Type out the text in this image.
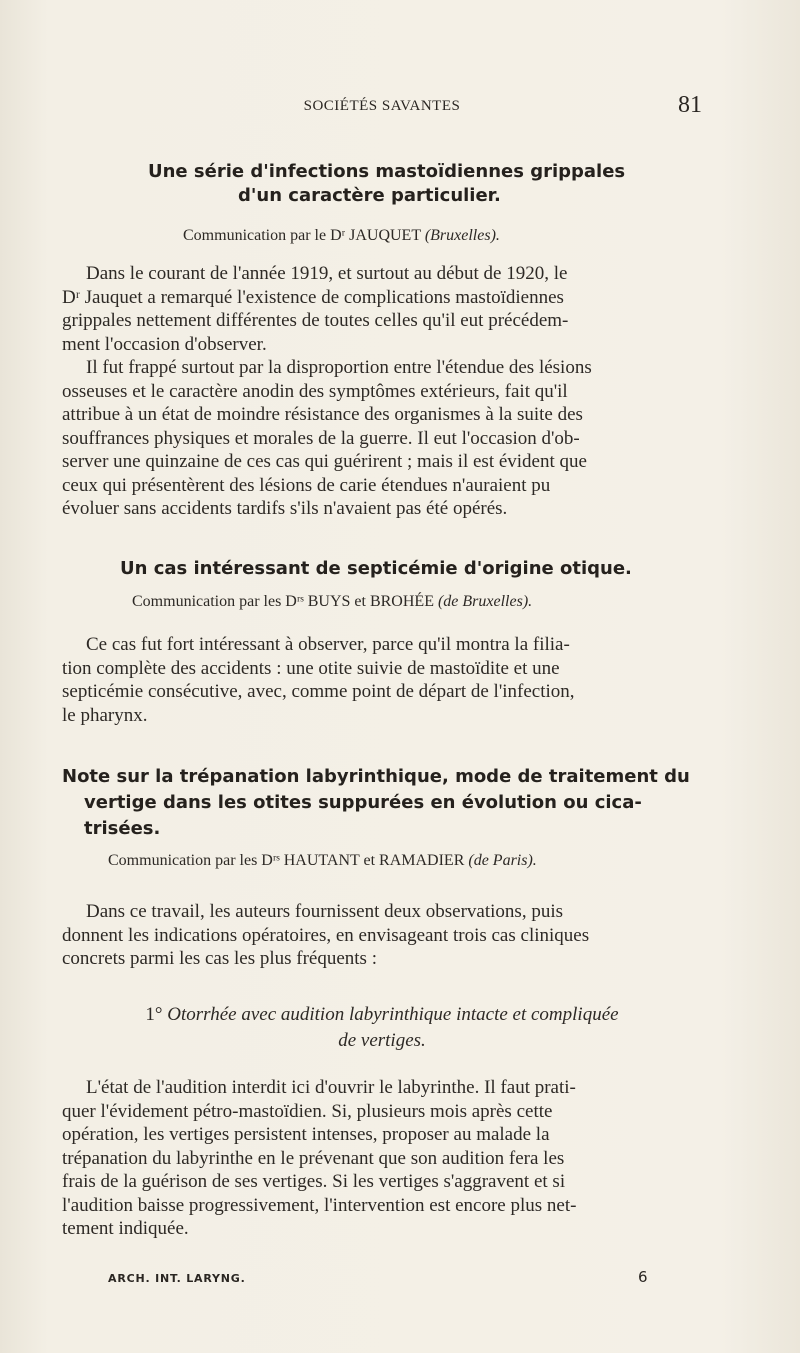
SOCIÉTÉS SAVANTES	81
Une série d'infections mastoïdiennes grippales
d'un caractère particulier.
Communication par le Dʳ JAUQUET (Bruxelles).
Dans le courant de l'année 1919, et surtout au début de 1920, le
Dʳ Jauquet a remarqué l'existence de complications mastoïdiennes
grippales nettement différentes de toutes celles qu'il eut précédem-
ment l'occasion d'observer.
Il fut frappé surtout par la disproportion entre l'étendue des lésions
osseuses et le caractère anodin des symptômes extérieurs, fait qu'il
attribue à un état de moindre résistance des organismes à la suite des
souffrances physiques et morales de la guerre. Il eut l'occasion d'ob-
server une quinzaine de ces cas qui guérirent ; mais il est évident que
ceux qui présentèrent des lésions de carie étendues n'auraient pu
évoluer sans accidents tardifs s'ils n'avaient pas été opérés.
Un cas intéressant de septicémie d'origine otique.
Communication par les Dʳˢ BUYS et BROHÉE (de Bruxelles).
Ce cas fut fort intéressant à observer, parce qu'il montra la filia-
tion complète des accidents : une otite suivie de mastoïdite et une
septicémie consécutive, avec, comme point de départ de l'infection,
le pharynx.
Note sur la trépanation labyrinthique, mode de traitement du
vertige dans les otites suppurées en évolution ou cica-
trisées.
Communication par les Dʳˢ HAUTANT et RAMADIER (de Paris).
Dans ce travail, les auteurs fournissent deux observations, puis
donnent les indications opératoires, en envisageant trois cas cliniques
concrets parmi les cas les plus fréquents :
1° Otorrhée avec audition labyrinthique intacte et compliquée
de vertiges.
L'état de l'audition interdit ici d'ouvrir le labyrinthe. Il faut prati-
quer l'évidement pétro-mastoïdien. Si, plusieurs mois après cette
opération, les vertiges persistent intenses, proposer au malade la
trépanation du labyrinthe en le prévenant que son audition fera les
frais de la guérison de ses vertiges. Si les vertiges s'aggravent et si
l'audition baisse progressivement, l'intervention est encore plus net-
tement indiquée.
ARCH. INT. LARYNG.	6
